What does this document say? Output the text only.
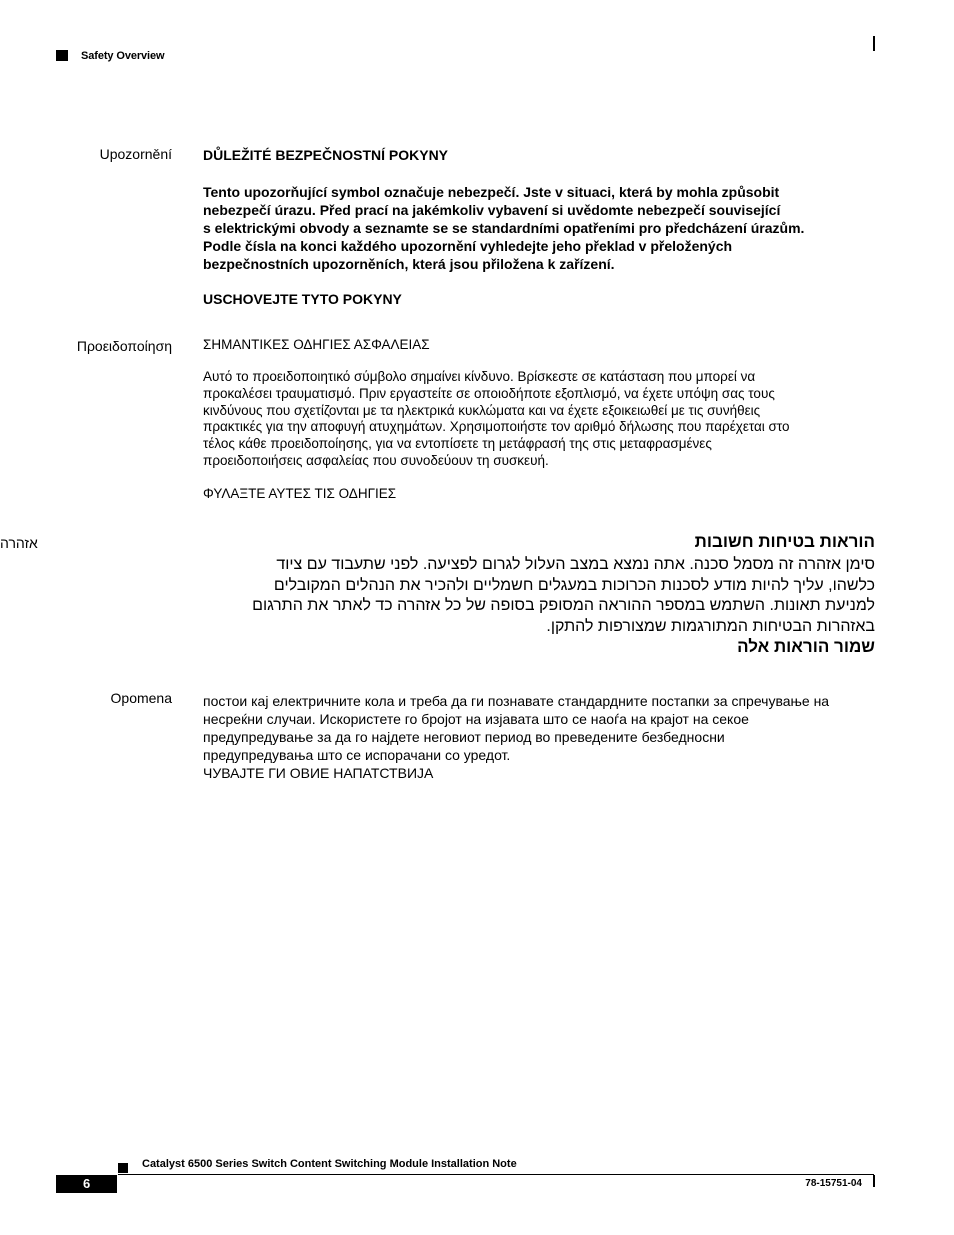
Safety Overview
Upozornění DŮLEŽITÉ BEZPEČNOSTNÍ POKYNY
Tento upozorňující symbol označuje nebezpečí. Jste v situaci, která by mohla způsobit
nebezpečí úrazu. Před prací na jakémkoliv vybavení si uvědomte nebezpečí související
s elektrickými obvody a seznamte se se standardními opatřeními pro předcházení úrazům.
Podle čísla na konci každého upozornění vyhledejte jeho překlad v přeložených
bezpečnostních upozorněních, která jsou přiložena k zařízení.
USCHOVEJTE TYTO POKYNY
Προειδοποίηση ΣΗΜΑΝΤΙΚΕΣ ΟΔΗΓΙΕΣ ΑΣΦΑΛΕΙΑΣ
Αυτό το προειδοποιητικό σύμβολο σημαίνει κίνδυνο. Βρίσκεστε σε κατάσταση που μπορεί να
προκαλέσει τραυματισμό. Πριν εργαστείτε σε οποιοδήποτε εξοπλισμό, να έχετε υπόψη σας τους
κινδύνους που σχετίζονται με τα ηλεκτρικά κυκλώματα και να έχετε εξοικειωθεί με τις συνήθεις
πρακτικές για την αποφυγή ατυχημάτων. Χρησιμοποιήστε τον αριθμό δήλωσης που παρέχεται στο
τέλος κάθε προειδοποίησης, για να εντοπίσετε τη μετάφρασή της στις μεταφρασμένες
προειδοποιήσεις ασφαλείας που συνοδεύουν τη συσκευή.
ΦΥΛΑΞΤΕ ΑΥΤΕΣ ΤΙΣ ΟΔΗΓΙΕΣ
אזהרה	הוראות בטיחות חשובות
סימן אזהרה זה מסמל סכנה. אתה נמצא במצב העלול לגרום לפציעה. לפני שתעבוד עם ציוד
כלשהו, עליך להיות מודע לסכנות הכרוכות במעגלים חשמליים ולהכיר את הנהלים המקובלים
למניעת תאונות. השתמש במספר ההוראה המסופק בסופה של כל אזהרה כד לאתר את התרגום
באזהרות הבטיחות המתורגמות שמצורפות להתקן.
שמור הוראות אלה
Opomena постои кај електричните кола и треба да ги познавате стандардните постапки за спречување на
несреќни случаи. Искористете го бројот на изјавата што се наоѓа на крајот на секое
предупредување за да го најдете неговиот период во преведените безбедносни
предупредувања што се испорачани со уредот.
ЧУВАЈТЕ ГИ ОВИЕ НАПАТСТВИЈА
Catalyst 6500 Series Switch Content Switching Module Installation Note
6	78-15751-04
